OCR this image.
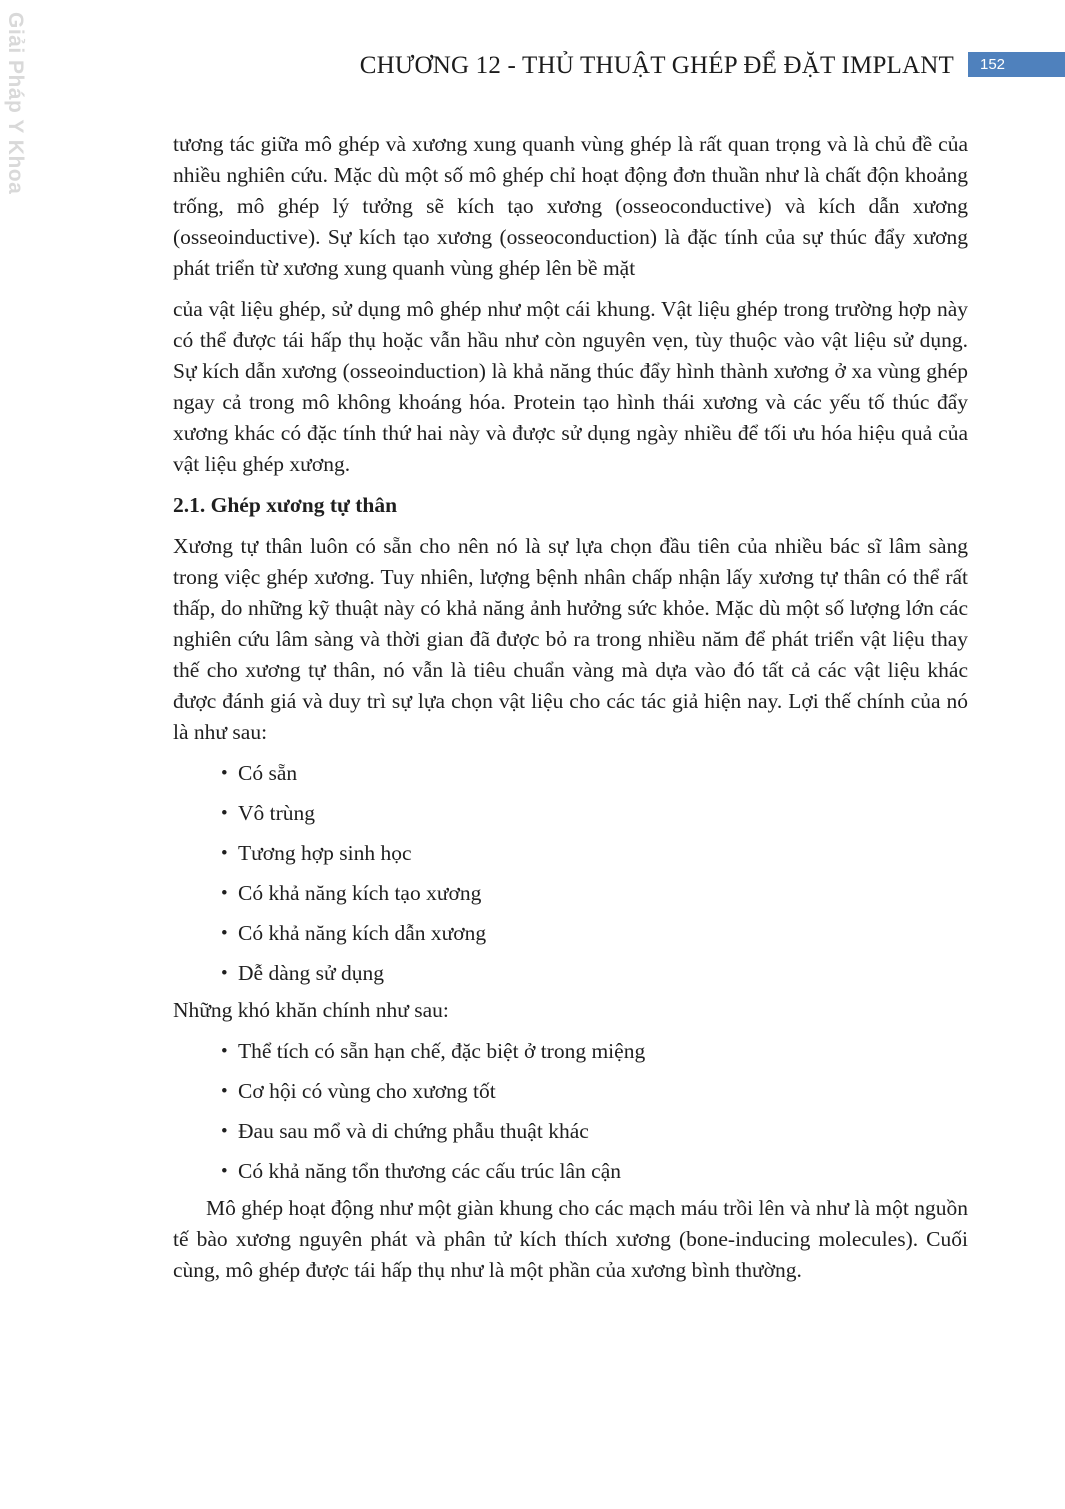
Giải Pháp Y Khoa	CHƯƠNG 12 - THỦ THUẬT GHÉP ĐỂ ĐẶT IMPLANT	152

tương tác giữa mô ghép và xương xung quanh vùng ghép là rất quan trọng và là chủ đề của nhiều nghiên cứu. Mặc dù một số mô ghép chỉ hoạt động đơn thuần như là chất độn khoảng trống, mô ghép lý tưởng sẽ kích tạo xương (osseoconductive) và kích dẫn xương (osseoinductive). Sự kích tạo xương (osseoconduction) là đặc tính của sự thúc đẩy xương phát triển từ xương xung quanh vùng ghép lên bề mặt

của vật liệu ghép, sử dụng mô ghép như một cái khung. Vật liệu ghép trong trường hợp này có thể được tái hấp thụ hoặc vẫn hầu như còn nguyên vẹn, tùy thuộc vào vật liệu sử dụng. Sự kích dẫn xương (osseoinduction) là khả năng thúc đẩy hình thành xương ở xa vùng ghép ngay cả trong mô không khoáng hóa. Protein tạo hình thái xương và các yếu tố thúc đẩy xương khác có đặc tính thứ hai này và được sử dụng ngày nhiều để tối ưu hóa hiệu quả của vật liệu ghép xương.

2.1. Ghép xương tự thân

Xương tự thân luôn có sẵn cho nên nó là sự lựa chọn đầu tiên của nhiều bác sĩ lâm sàng trong việc ghép xương. Tuy nhiên, lượng bệnh nhân chấp nhận lấy xương tự thân có thể rất thấp, do những kỹ thuật này có khả năng ảnh hưởng sức khỏe. Mặc dù một số lượng lớn các nghiên cứu lâm sàng và thời gian đã được bỏ ra trong nhiều năm để phát triển vật liệu thay thế cho xương tự thân, nó vẫn là tiêu chuẩn vàng mà dựa vào đó tất cả các vật liệu khác được đánh giá và duy trì sự lựa chọn vật liệu cho các tác giả hiện nay. Lợi thế chính của nó là như sau:

• Có sẵn
• Vô trùng
• Tương hợp sinh học
• Có khả năng kích tạo xương
• Có khả năng kích dẫn xương
• Dễ dàng sử dụng
Những khó khăn chính như sau:
• Thể tích có sẵn hạn chế, đặc biệt ở trong miệng
• Cơ hội có vùng cho xương tốt
• Đau sau mổ và di chứng phẫu thuật khác
• Có khả năng tổn thương các cấu trúc lân cận

Mô ghép hoạt động như một giàn khung cho các mạch máu trồi lên và như là một nguồn tế bào xương nguyên phát và phân tử kích thích xương (bone-inducing molecules). Cuối cùng, mô ghép được tái hấp thụ như là một phần của xương bình thường.
